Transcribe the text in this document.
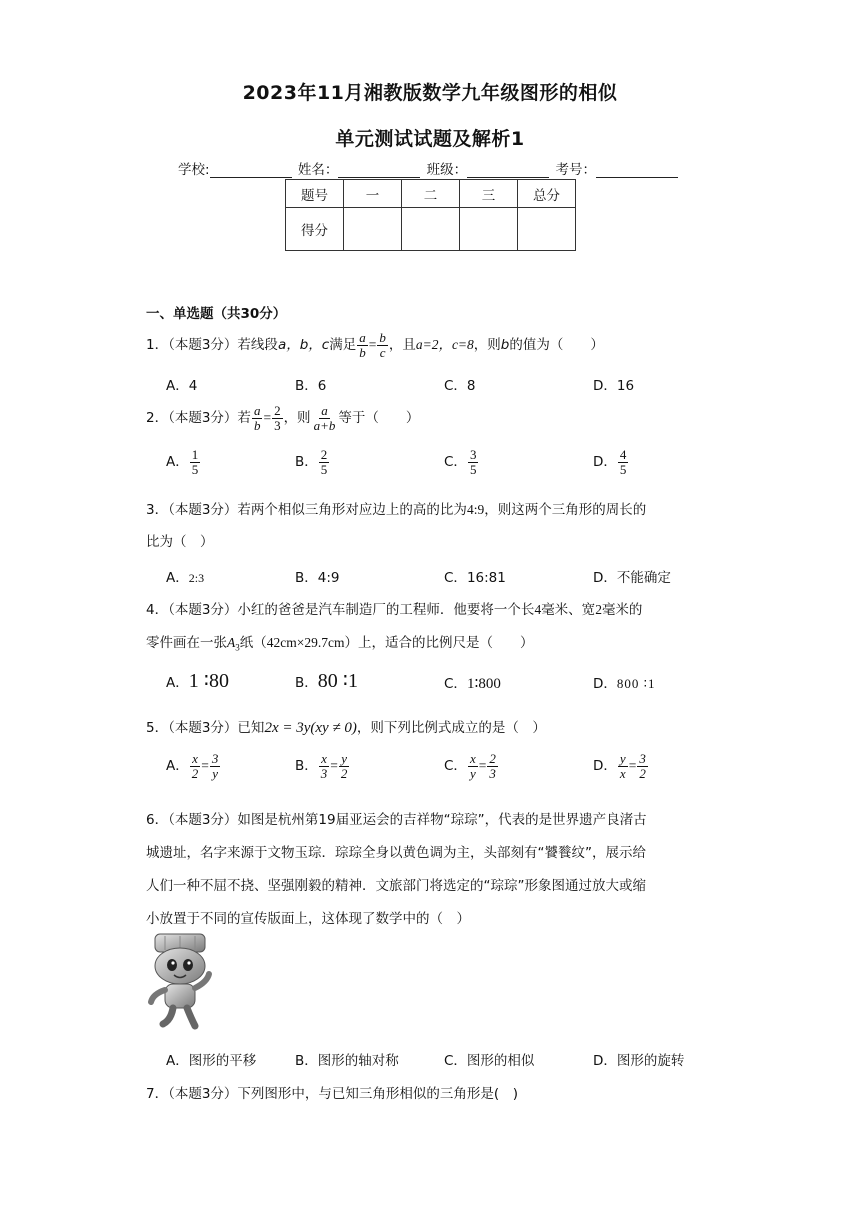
2023年11月湘教版数学九年级图形的相似
单元测试试题及解析1
学校:	姓名：	班级：	考号：
题号	一	二	三	总分
得分				
一、单选题（共30分）
1．（本题3分）若线段a，b，c满足 $\frac{a}{b} = \frac{b}{c}$ ，且a=2，c=8，则b的值为（　　）
A．4	B．6	C．8	D．16
2．（本题3分）若 $\frac{a}{b} = \frac{2}{3}$ ，则 $\frac{a}{a+b}$ 等于（　　）
A． $\frac{1}{5}$	B． $\frac{2}{5}$	C． $\frac{3}{5}$	D． $\frac{4}{5}$
3．（本题3分）若两个相似三角形对应边上的高的比为4:9，则这两个三角形的周长的
比为（　）
A．2:3	B．4:9	C．16:81	D．不能确定
4．（本题3分）小红的爸爸是汽车制造厂的工程师．他要将一个长4毫米、宽2毫米的
零件画在一张$A_3$纸（42cm×29.7cm）上，适合的比例尺是（　　）
A．1 ∶80	B．80 ∶1	C．1∶800	D．800 ∶1
5．（本题3分）已知2x = 3y(xy ≠ 0)，则下列比例式成立的是（　）
A． $\frac{x}{2} = \frac{3}{y}$	B． $\frac{x}{3} = \frac{y}{2}$	C． $\frac{x}{y} = \frac{2}{3}$	D． $\frac{y}{x} = \frac{3}{2}$
6．（本题3分）如图是杭州第19届亚运会的吉祥物“琮琮”，代表的是世界遗产良渚古
城遗址，名字来源于文物玉琮．琮琮全身以黄色调为主，头部刻有“饕餮纹”，展示给
人们一种不屈不挠、坚强刚毅的精神．文旅部门将选定的“琮琮”形象图通过放大或缩
小放置于不同的宣传版面上，这体现了数学中的（　）
A．图形的平移	B．图形的轴对称	C．图形的相似	D．图形的旋转
7．（本题3分）下列图形中，与已知三角形相似的三角形是(　)
